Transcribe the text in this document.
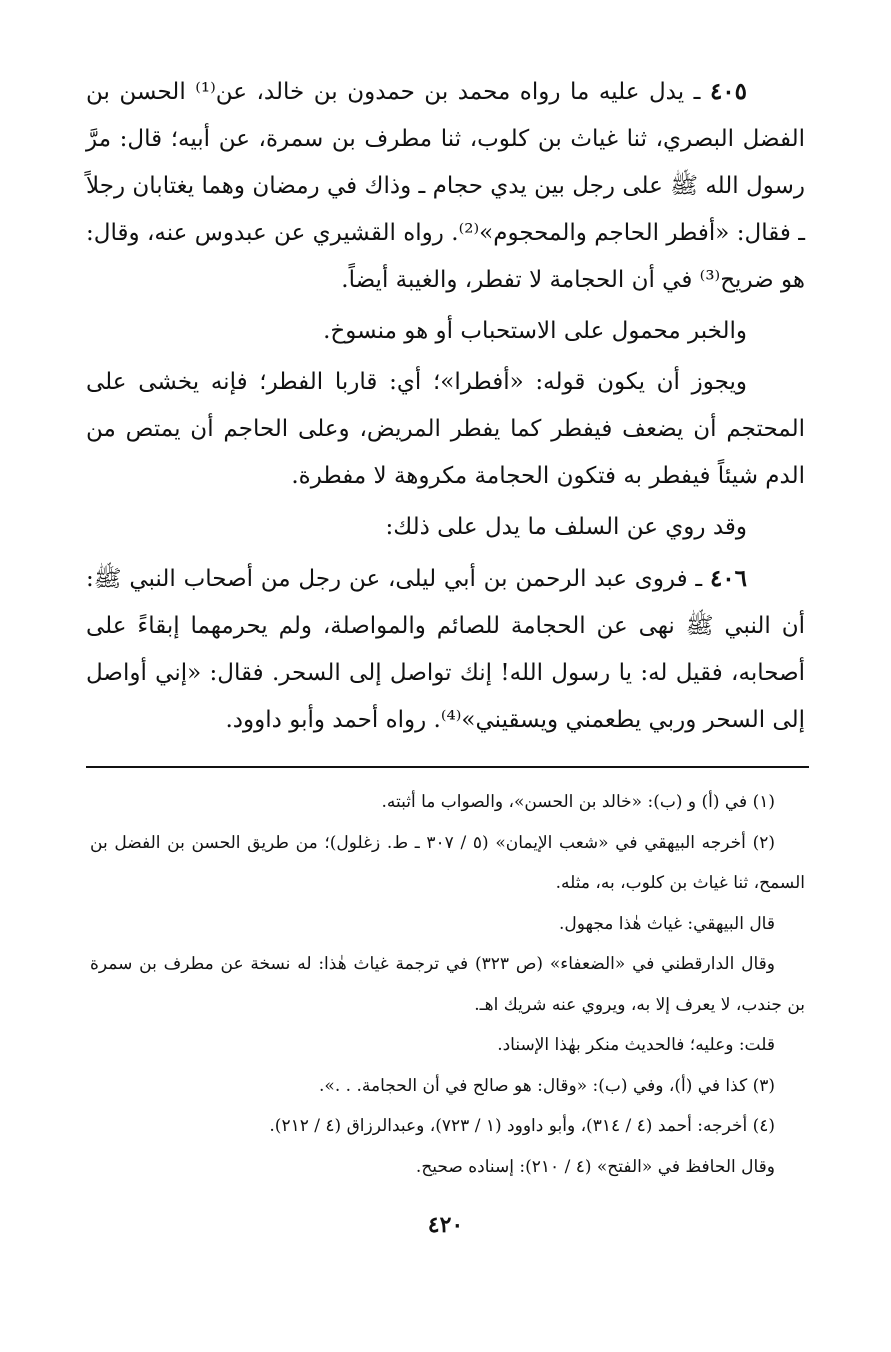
٤٠٥ ـ يدل عليه ما رواه محمد بن حمدون بن خالد، عن⁽¹⁾ الحسن بن الفضل البصري، ثنا غياث بن كلوب، ثنا مطرف بن سمرة، عن أبيه؛ قال: مرَّ رسول الله ﷺ على رجل بين يدي حجام ـ وذاك في رمضان وهما يغتابان رجلاً ـ فقال: «أفطر الحاجم والمحجوم»⁽²⁾. رواه القشيري عن عبدوس عنه، وقال: هو ضريح⁽³⁾ في أن الحجامة لا تفطر، والغيبة أيضاً.

والخبر محمول على الاستحباب أو هو منسوخ.

ويجوز أن يكون قوله: «أفطرا»؛ أي: قاربا الفطر؛ فإنه يخشى على المحتجم أن يضعف فيفطر كما يفطر المريض، وعلى الحاجم أن يمتص من الدم شيئاً فيفطر به فتكون الحجامة مكروهة لا مفطرة.

وقد روي عن السلف ما يدل على ذلك:

٤٠٦ ـ فروى عبد الرحمن بن أبي ليلى، عن رجل من أصحاب النبي ﷺ: أن النبي ﷺ نهى عن الحجامة للصائم والمواصلة، ولم يحرمهما إبقاءً على أصحابه، فقيل له: يا رسول الله! إنك تواصل إلى السحر. فقال: «إني أواصل إلى السحر وربي يطعمني ويسقيني»⁽⁴⁾. رواه أحمد وأبو داوود.

(١) في (أ) و (ب): «خالد بن الحسن»، والصواب ما أثبته.

(٢) أخرجه البيهقي في «شعب الإيمان» (٥ / ٣٠٧ ـ ط. زغلول)؛ من طريق الحسن بن الفضل بن السمح، ثنا غياث بن كلوب، به، مثله.

قال البيهقي: غياث هٰذا مجهول.

وقال الدارقطني في «الضعفاء» (ص ٣٢٣) في ترجمة غياث هٰذا: له نسخة عن مطرف بن سمرة بن جندب، لا يعرف إلا به، ويروي عنه شريك اهـ.

قلت: وعليه؛ فالحديث منكر بهٰذا الإسناد.

(٣) كذا في (أ)، وفي (ب): «وقال: هو صالح في أن الحجامة. . .».

(٤) أخرجه: أحمد (٤ / ٣١٤)، وأبو داوود (١ / ٧٢٣)، وعبدالرزاق (٤ / ٢١٢).

وقال الحافظ في «الفتح» (٤ / ٢١٠): إسناده صحيح.

٤٢٠
